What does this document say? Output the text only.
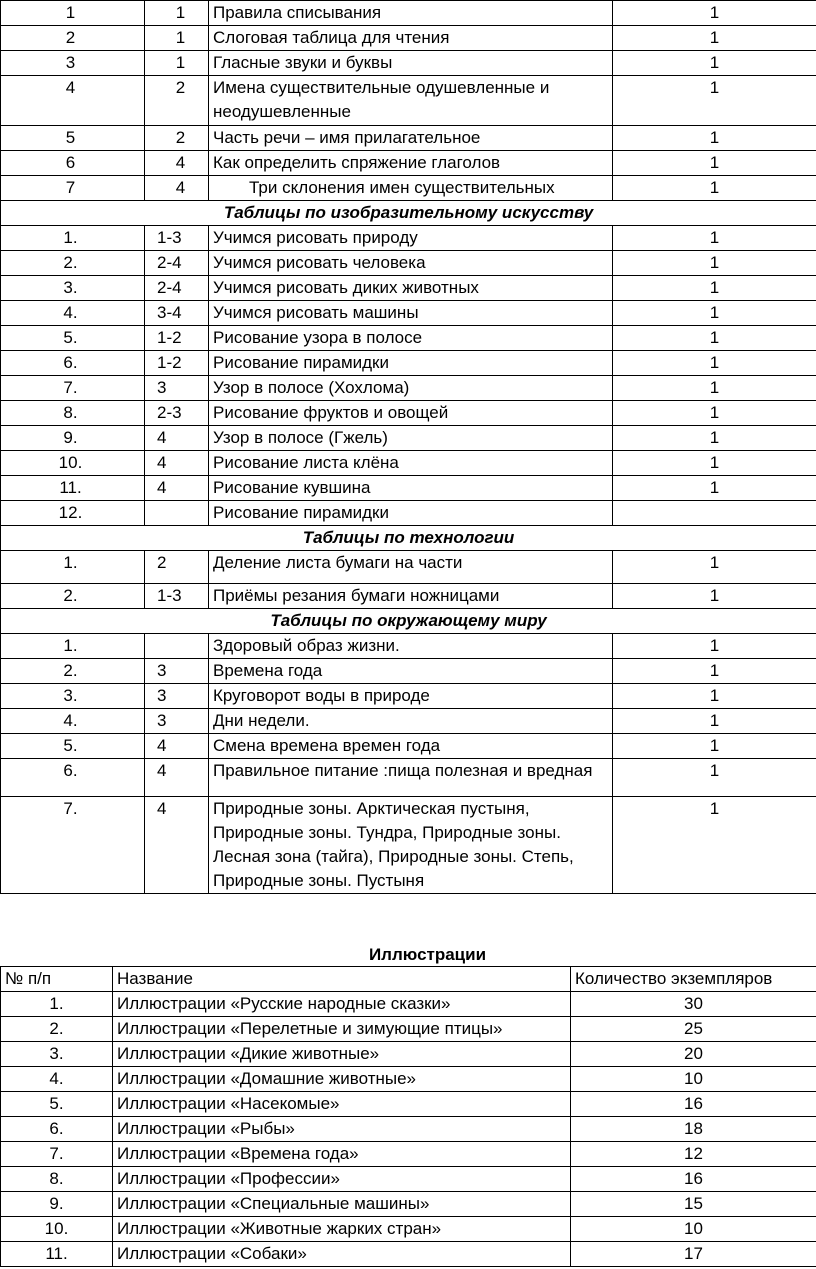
1	1	Правила списывания	1
2	1	Слоговая таблица для чтения	1
3	1	Гласные звуки и буквы	1
4	2	Имена существительные одушевленные и неодушевленные	1
5	2	Часть речи – имя прилагательное	1
6	4	Как определить спряжение глаголов	1
7	4	Три склонения имен существительных	1
Таблицы по изобразительному искусству			
1.	1-3	Учимся рисовать природу	1
2.	2-4	Учимся рисовать человека	1
3.	2-4	Учимся рисовать диких животных	1
4.	3-4	Учимся рисовать машины	1
5.	1-2	Рисование узора в полосе	1
6.	1-2	Рисование пирамидки	1
7.	3	Узор в полосе (Хохлома)	1
8.	2-3	Рисование фруктов и овощей	1
9.	4	Узор в полосе (Гжель)	1
10.	4	Рисование листа клёна	1
11.	4	Рисование кувшина	1
12.		Рисование пирамидки	
Таблицы по технологии			
1.	2	Деление листа бумаги на части	1
2.	1-3	Приёмы резания бумаги ножницами	1
Таблицы по окружающему миру			
1.		Здоровый образ жизни.	1
2.	3	Времена года	1
3.	3	Круговорот воды в природе	1
4.	3	Дни недели.	1
5.	4	Смена времена времен года	1
6.	4	Правильное питание :пища полезная и вредная	1
7.	4	Природные зоны. Арктическая пустыня, Природные зоны. Тундра, Природные зоны. Лесная зона (тайга), Природные зоны. Степь, Природные зоны. Пустыня	1
Иллюстрации
№ п/п	Название	Количество экземпляров
1.	Иллюстрации «Русские народные сказки»	30
2.	Иллюстрации «Перелетные и зимующие птицы»	25
3.	Иллюстрации «Дикие животные»	20
4.	Иллюстрации «Домашние животные»	10
5.	Иллюстрации «Насекомые»	16
6.	Иллюстрации «Рыбы»	18
7.	Иллюстрации «Времена года»	12
8.	Иллюстрации «Профессии»	16
9.	Иллюстрации «Специальные машины»	15
10.	Иллюстрации «Животные жарких стран»	10
11.	Иллюстрации «Собаки»	17
